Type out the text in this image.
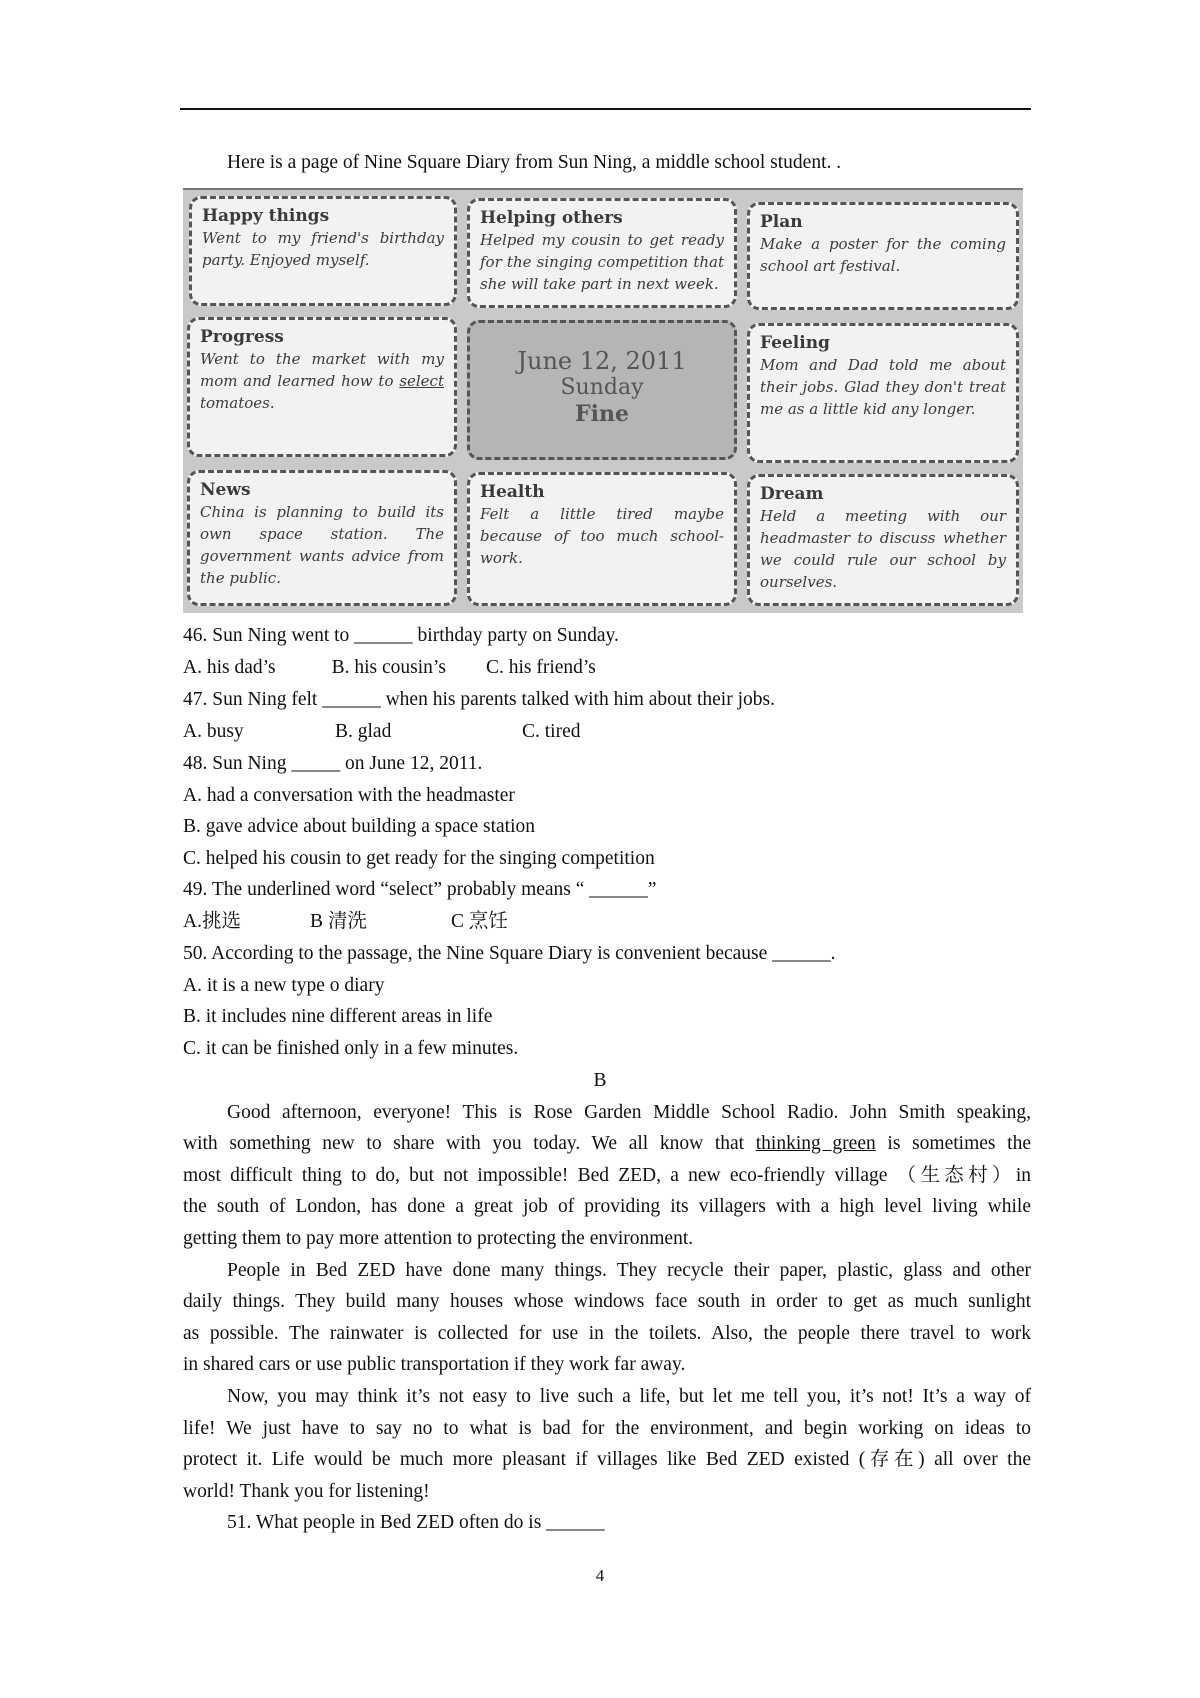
Here is a page of Nine Square Diary from Sun Ning, a middle school student. .
Happy things
Went to my friend's birthday party. Enjoyed myself.
Helping others
Helped my cousin to get ready for the singing competition that she will take part in next week.
Plan
Make a poster for the coming school art festival.
Progress
Went to the market with my mom and learned how to select tomatoes.
June 12, 2011
Sunday
Fine
Feeling
Mom and Dad told me about their jobs. Glad they don't treat me as a little kid any longer.
News
China is planning to build its own space station. The government wants advice from the public.
Health
Felt a little tired maybe because of too much school-work.
Dream
Held a meeting with our headmaster to discuss whether we could rule our school by ourselves.
46. Sun Ning went to ______ birthday party on Sunday.
A. his dad’s	B. his cousin’s C. his friend’s
47. Sun Ning felt ______ when his parents talked with him about their jobs.
A. busy	B. glad	C. tired
48. Sun Ning _____ on June 12, 2011.
A. had a conversation with the headmaster
B. gave advice about building a space station
C. helped his cousin to get ready for the singing competition
49. The underlined word “select” probably means “ ______”
A.挑选	B 清洗	C 烹饪
50. According to the passage, the Nine Square Diary is convenient because ______.
A. it is a new type o diary
B. it includes nine different areas in life
C. it can be finished only in a few minutes.
B
Good afternoon, everyone! This is Rose Garden Middle School Radio. John Smith speaking,
with something new to share with you today. We all know that thinking green is sometimes the
most difficult thing to do, but not impossible! Bed ZED, a new eco-friendly village （生态村）in
the south of London, has done a great job of providing its villagers with a high level living while
getting them to pay more attention to protecting the environment.
People in Bed ZED have done many things. They recycle their paper, plastic, glass and other
daily things. They build many houses whose windows face south in order to get as much sunlight
as possible. The rainwater is collected for use in the toilets. Also, the people there travel to work
in shared cars or use public transportation if they work far away.
Now, you may think it’s not easy to live such a life, but let me tell you, it’s not! It’s a way of
life! We just have to say no to what is bad for the environment, and begin working on ideas to
protect it. Life would be much more pleasant if villages like Bed ZED existed (存在) all over the
world! Thank you for listening!
51. What people in Bed ZED often do is ______
4
